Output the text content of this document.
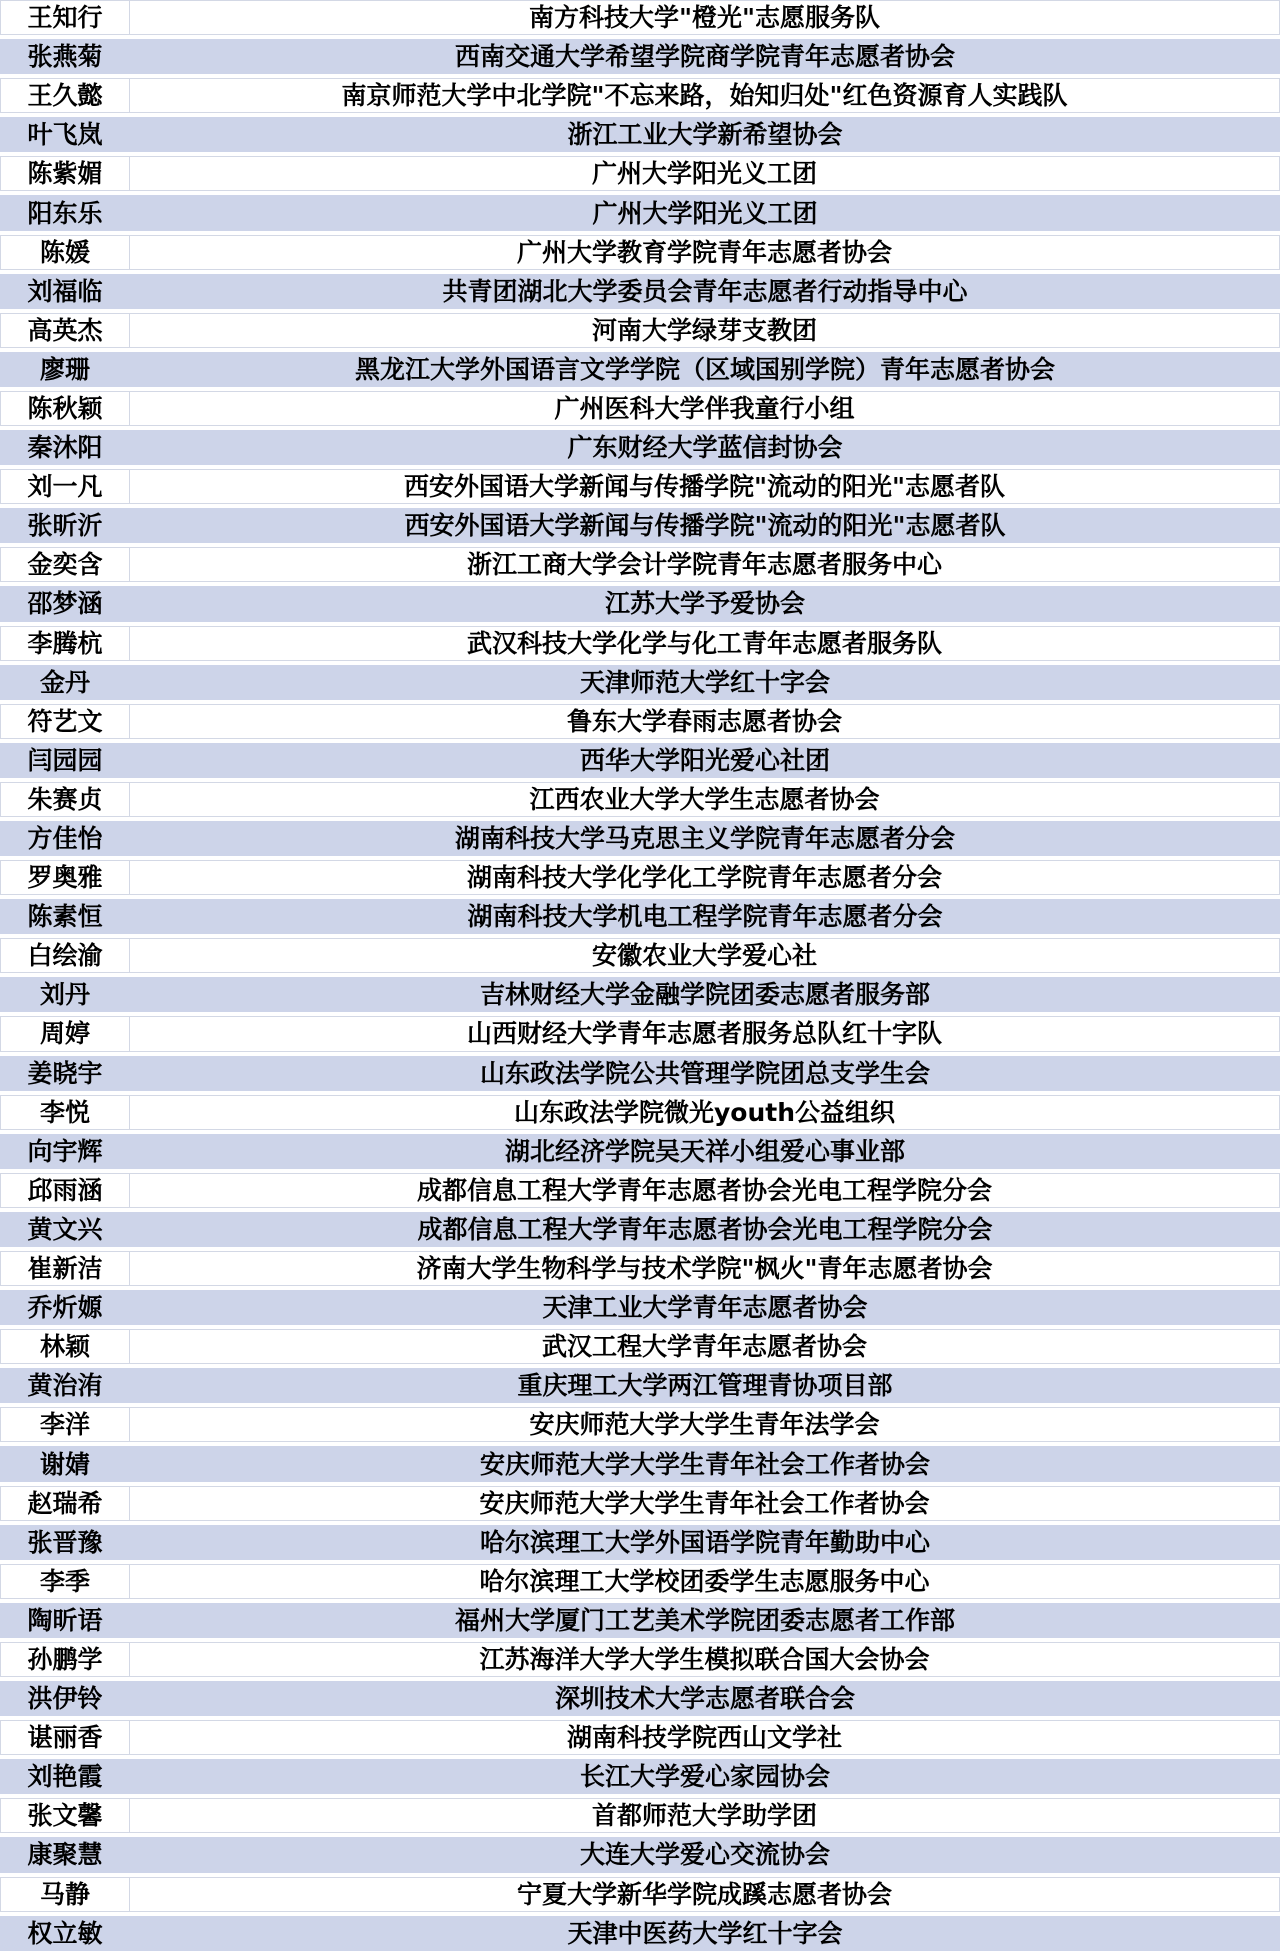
王知行	南方科技大学"橙光"志愿服务队
张燕菊	西南交通大学希望学院商学院青年志愿者协会
王久懿	南京师范大学中北学院"不忘来路，始知归处"红色资源育人实践队
叶飞岚	浙江工业大学新希望协会
陈紫媚	广州大学阳光义工团
阳东乐	广州大学阳光义工团
陈媛	广州大学教育学院青年志愿者协会
刘福临	共青团湖北大学委员会青年志愿者行动指导中心
高英杰	河南大学绿芽支教团
廖珊	黑龙江大学外国语言文学学院（区域国别学院）青年志愿者协会
陈秋颖	广州医科大学伴我童行小组
秦沐阳	广东财经大学蓝信封协会
刘一凡	西安外国语大学新闻与传播学院"流动的阳光"志愿者队
张昕沂	西安外国语大学新闻与传播学院"流动的阳光"志愿者队
金奕含	浙江工商大学会计学院青年志愿者服务中心
邵梦涵	江苏大学予爱协会
李腾杭	武汉科技大学化学与化工青年志愿者服务队
金丹	天津师范大学红十字会
符艺文	鲁东大学春雨志愿者协会
闫园园	西华大学阳光爱心社团
朱赛贞	江西农业大学大学生志愿者协会
方佳怡	湖南科技大学马克思主义学院青年志愿者分会
罗奥雅	湖南科技大学化学化工学院青年志愿者分会
陈素恒	湖南科技大学机电工程学院青年志愿者分会
白绘渝	安徽农业大学爱心社
刘丹	吉林财经大学金融学院团委志愿者服务部
周婷	山西财经大学青年志愿者服务总队红十字队
姜晓宇	山东政法学院公共管理学院团总支学生会
李悦	山东政法学院微光youth公益组织
向宇辉	湖北经济学院吴天祥小组爱心事业部
邱雨涵	成都信息工程大学青年志愿者协会光电工程学院分会
黄文兴	成都信息工程大学青年志愿者协会光电工程学院分会
崔新洁	济南大学生物科学与技术学院"枫火"青年志愿者协会
乔炘嫄	天津工业大学青年志愿者协会
林颖	武汉工程大学青年志愿者协会
黄治洧	重庆理工大学两江管理青协项目部
李洋	安庆师范大学大学生青年法学会
谢婧	安庆师范大学大学生青年社会工作者协会
赵瑞希	安庆师范大学大学生青年社会工作者协会
张晋豫	哈尔滨理工大学外国语学院青年勤助中心
李季	哈尔滨理工大学校团委学生志愿服务中心
陶昕语	福州大学厦门工艺美术学院团委志愿者工作部
孙鹏学	江苏海洋大学大学生模拟联合国大会协会
洪伊铃	深圳技术大学志愿者联合会
谌丽香	湖南科技学院西山文学社
刘艳霞	长江大学爱心家园协会
张文馨	首都师范大学助学团
康聚慧	大连大学爱心交流协会
马静	宁夏大学新华学院成蹊志愿者协会
权立敏	天津中医药大学红十字会
